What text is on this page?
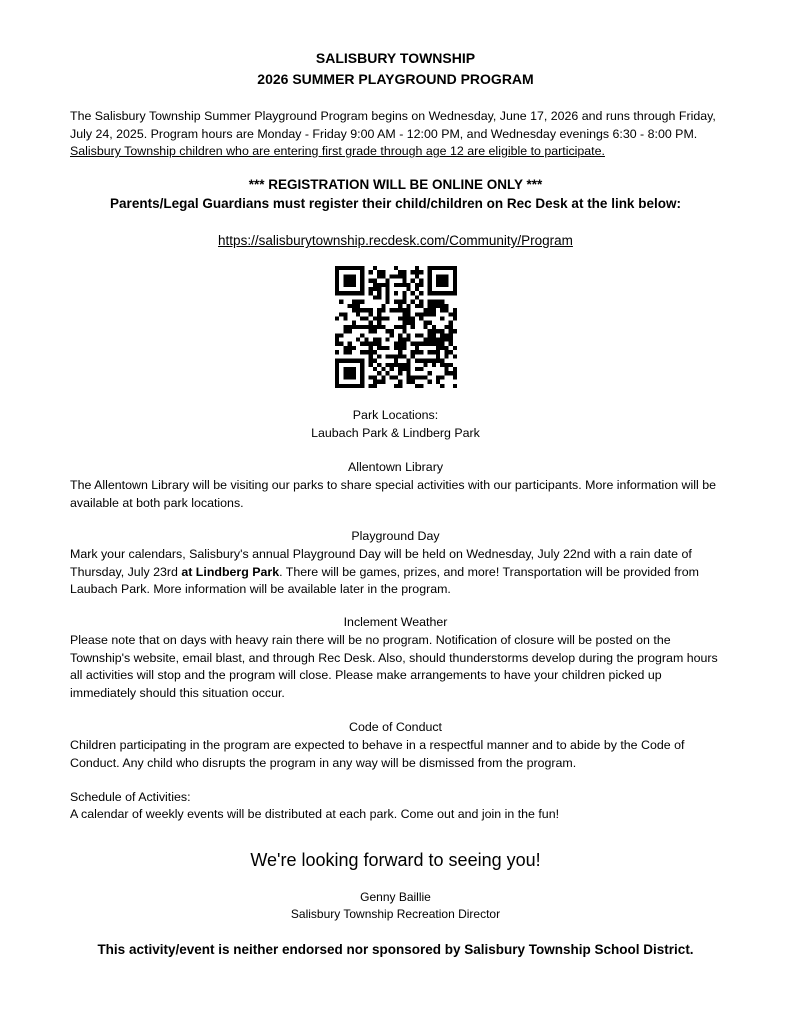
SALISBURY TOWNSHIP
2026 SUMMER PLAYGROUND PROGRAM
The Salisbury Township Summer Playground Program begins on Wednesday, June 17, 2026 and runs through Friday, July 24, 2025. Program hours are Monday - Friday 9:00 AM - 12:00 PM, and Wednesday evenings 6:30 - 8:00 PM. Salisbury Township children who are entering first grade through age 12 are eligible to participate.
*** REGISTRATION WILL BE ONLINE ONLY ***
Parents/Legal Guardians must register their child/children on Rec Desk at the link below:
https://salisburytownship.recdesk.com/Community/Program
Park Locations:
Laubach Park & Lindberg Park
Allentown Library
The Allentown Library will be visiting our parks to share special activities with our participants. More information will be available at both park locations.
Playground Day
Mark your calendars, Salisbury's annual Playground Day will be held on Wednesday, July 22nd with a rain date of Thursday, July 23rd at Lindberg Park. There will be games, prizes, and more! Transportation will be provided from Laubach Park. More information will be available later in the program.
Inclement Weather
Please note that on days with heavy rain there will be no program. Notification of closure will be posted on the Township's website, email blast, and through Rec Desk. Also, should thunderstorms develop during the program hours all activities will stop and the program will close. Please make arrangements to have your children picked up immediately should this situation occur.
Code of Conduct
Children participating in the program are expected to behave in a respectful manner and to abide by the Code of Conduct. Any child who disrupts the program in any way will be dismissed from the program.
Schedule of Activities:
A calendar of weekly events will be distributed at each park. Come out and join in the fun!
We're looking forward to seeing you!
Genny Baillie
Salisbury Township Recreation Director
This activity/event is neither endorsed nor sponsored by Salisbury Township School District.
